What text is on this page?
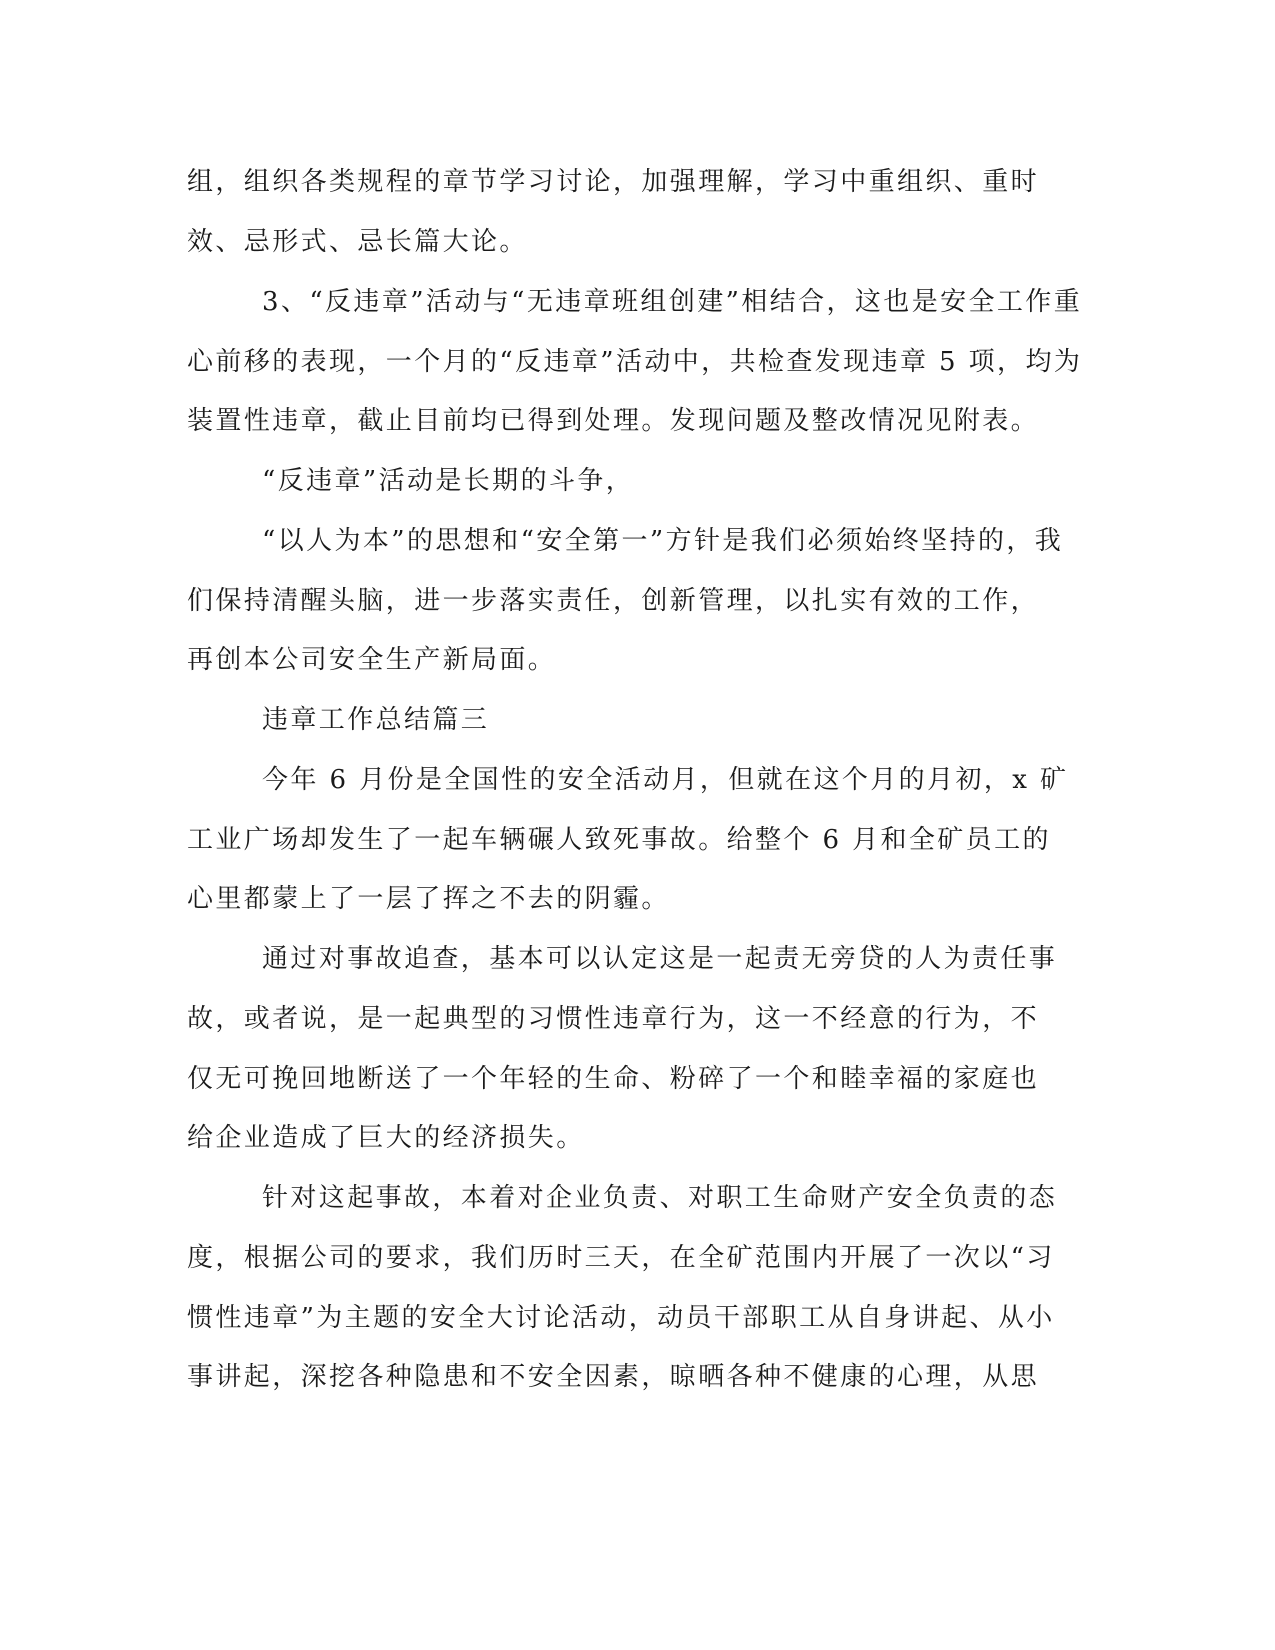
组，组织各类规程的章节学习讨论，加强理解，学习中重组织、重时

效、忌形式、忌长篇大论。

3、“反违章”活动与“无违章班组创建”相结合，这也是安全工作重

心前移的表现，一个月的“反违章”活动中，共检查发现违章 5 项，均为

装置性违章，截止目前均已得到处理。发现问题及整改情况见附表。

“反违章”活动是长期的斗争，

“以人为本”的思想和“安全第一”方针是我们必须始终坚持的，我

们保持清醒头脑，进一步落实责任，创新管理，以扎实有效的工作，

再创本公司安全生产新局面。

违章工作总结篇三

今年 6 月份是全国性的安全活动月，但就在这个月的月初，x 矿

工业广场却发生了一起车辆碾人致死事故。给整个 6 月和全矿员工的

心里都蒙上了一层了挥之不去的阴霾。

通过对事故追查，基本可以认定这是一起责无旁贷的人为责任事

故，或者说，是一起典型的习惯性违章行为，这一不经意的行为，不

仅无可挽回地断送了一个年轻的生命、粉碎了一个和睦幸福的家庭也

给企业造成了巨大的经济损失。

针对这起事故，本着对企业负责、对职工生命财产安全负责的态

度，根据公司的要求，我们历时三天，在全矿范围内开展了一次以“习

惯性违章”为主题的安全大讨论活动，动员干部职工从自身讲起、从小

事讲起，深挖各种隐患和不安全因素，晾晒各种不健康的心理，从思
